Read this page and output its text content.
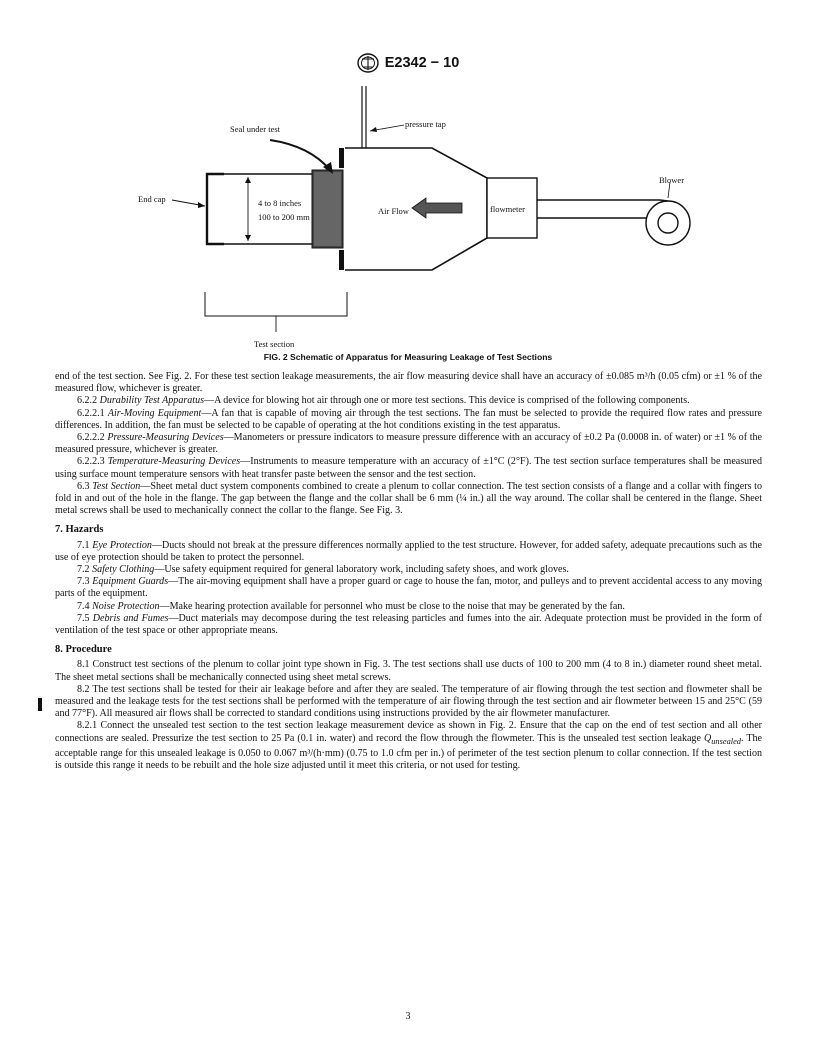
E2342 − 10
Seal under test	pressure tap
End cap	4 to 8 inches
100 to 200 mm
Air Flow	flowmeter
Blower
Test section
FIG. 2 Schematic of Apparatus for Measuring Leakage of Test Sections

end of the test section. See Fig. 2. For these test section leakage measurements, the air flow measuring device shall have an accuracy of ±0.085 m³/h (0.05 cfm) or ±1 % of the measured flow, whichever is greater.

6.2.2 Durability Test Apparatus—A device for blowing hot air through one or more test sections. This device is comprised of the following components.

6.2.2.1 Air-Moving Equipment—A fan that is capable of moving air through the test sections. The fan must be selected to provide the required flow rates and pressure differences. In addition, the fan must be selected to be capable of operating at the hot conditions existing in the test apparatus.

6.2.2.2 Pressure-Measuring Devices—Manometers or pressure indicators to measure pressure difference with an accuracy of ±0.2 Pa (0.0008 in. of water) or ±1 % of the measured pressure, whichever is greater.

6.2.2.3 Temperature-Measuring Devices—Instruments to measure temperature with an accuracy of ±1°C (2°F). The test section surface temperatures shall be measured using surface mount temperature sensors with heat transfer paste between the sensor and the test section.

6.3 Test Section—Sheet metal duct system components combined to create a plenum to collar connection. The test section consists of a flange and a collar with fingers to fold in and out of the hole in the flange. The gap between the flange and the collar shall be 6 mm (¼ in.) all the way around. The collar shall be centered in the flange. Sheet metal screws shall be used to mechanically connect the collar to the flange. See Fig. 3.

7. Hazards

7.1 Eye Protection—Ducts should not break at the pressure differences normally applied to the test structure. However, for added safety, adequate precautions such as the use of eye protection should be taken to protect the personnel.

7.2 Safety Clothing—Use safety equipment required for general laboratory work, including safety shoes, and work gloves.

7.3 Equipment Guards—The air-moving equipment shall have a proper guard or cage to house the fan, motor, and pulleys and to prevent accidental access to any moving parts of the equipment.

7.4 Noise Protection—Make hearing protection available for personnel who must be close to the noise that may be generated by the fan.

7.5 Debris and Fumes—Duct materials may decompose during the test releasing particles and fumes into the air. Adequate protection must be provided in the form of ventilation of the test space or other appropriate means.

8. Procedure

8.1 Construct test sections of the plenum to collar joint type shown in Fig. 3. The test sections shall use ducts of 100 to 200 mm (4 to 8 in.) diameter round sheet metal. The sheet metal sections shall be mechanically connected using sheet metal screws.

8.2 The test sections shall be tested for their air leakage before and after they are sealed. The temperature of air flowing through the test section and flowmeter shall be measured and the leakage tests for the test sections shall be performed with the temperature of air flowing through the test section and air flowmeter between 15 and 25°C (59 and 77°F). All measured air flows shall be corrected to standard conditions using instructions provided by the air flowmeter manufacturer.

8.2.1 Connect the unsealed test section to the test section leakage measurement device as shown in Fig. 2. Ensure that the cap on the end of test section and all other connections are sealed. Pressurize the test section to 25 Pa (0.1 in. water) and record the flow through the flowmeter. This is the unsealed test section leakage $Q_{unsealed}$. The acceptable range for this unsealed leakage is 0.050 to 0.067 m³/(h·mm) (0.75 to 1.0 cfm per in.) of perimeter of the test section plenum to collar connection. If the test section is outside this range it needs to be rebuilt and the hole size adjusted until it meet this criteria, or not used for testing.

3
